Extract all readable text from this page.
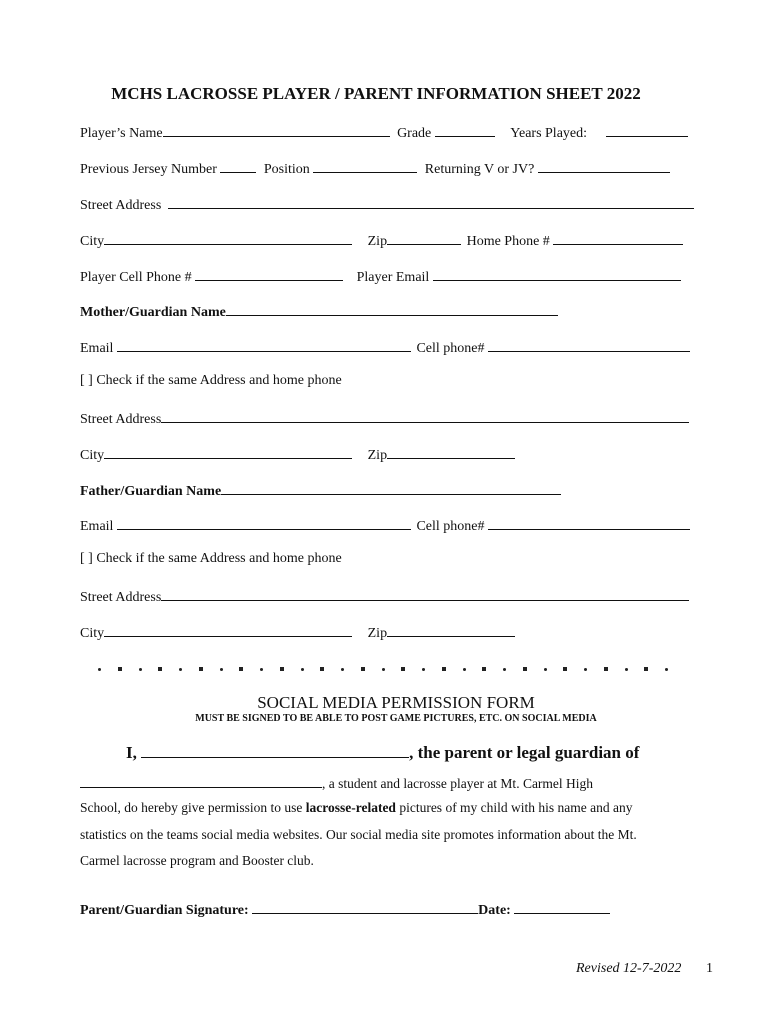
MCHS LACROSSE PLAYER / PARENT INFORMATION SHEET 2022
Player’s Name	Grade	Years Played:
Previous Jersey Number	Position	Returning V or JV?
Street Address
City	Zip	Home Phone #
Player Cell Phone #	Player Email
Mother/Guardian Name
Email	Cell phone#
[ ] Check if the same Address and home phone
Street Address
City	Zip
Father/Guardian Name
Email	Cell phone#
[ ] Check if the same Address and home phone
Street Address
City	Zip
SOCIAL MEDIA PERMISSION FORM
MUST BE SIGNED TO BE ABLE TO POST GAME PICTURES, ETC. ON SOCIAL MEDIA
I,	, the parent or legal guardian of
, a student and lacrosse player at Mt. Carmel High
School, do hereby give permission to use lacrosse-related pictures of my child with his name and any
statistics on the teams social media websites. Our social media site promotes information about the Mt.
Carmel lacrosse program and Booster club.
Parent/Guardian Signature:	Date:
Revised 12-7-2022 1
